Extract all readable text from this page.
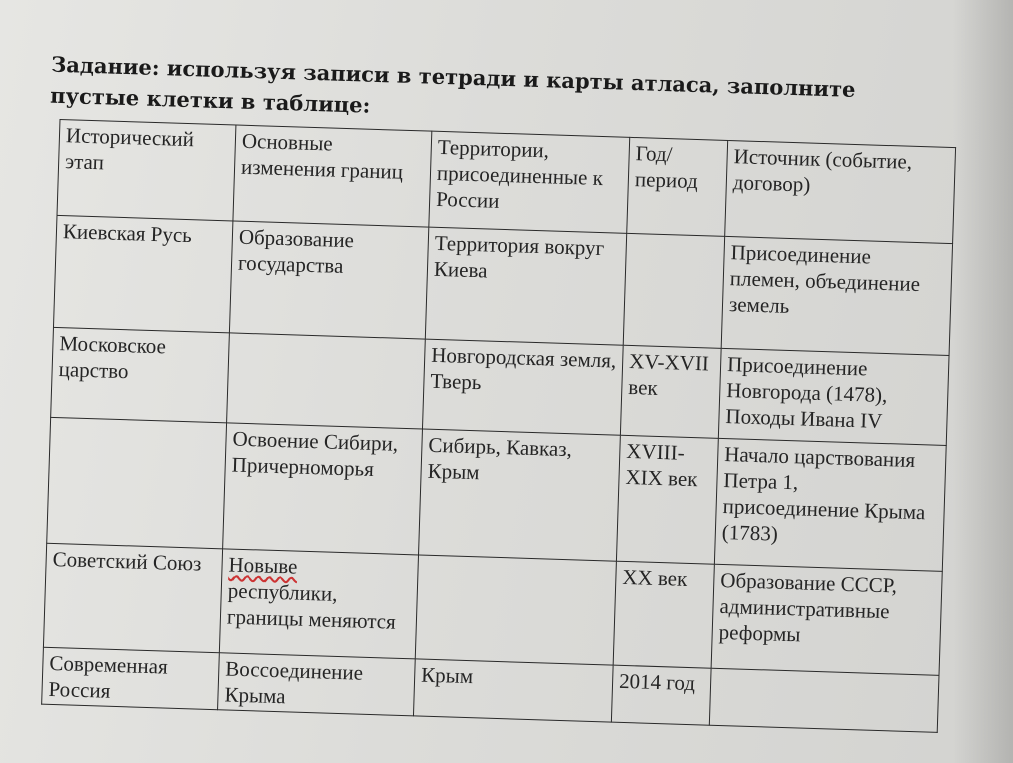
Задание: используя записи в тетради и карты атласа, заполните пустые клетки в таблице:

Исторический этап	Основные изменения границ	Территории, присоединенные к России	Год/ период	Источник (событие, договор)
Киевская Русь	Образование государства	Территория вокруг Киева		Присоединение племен, объединение земель
Московское царство		Новгородская земля, Тверь	XV-XVII век	Присоединение Новгорода (1478), Походы Ивана IV
	Освоение Сибири, Причерноморья	Сибирь, Кавказ, Крым	XVIII-XIX век	Начало царствования Петра 1, присоединение Крыма (1783)
Советский Союз	Новыве республики, границы меняются		XX век	Образование СССР, административные реформы
Современная Россия	Воссоединение Крыма	Крым	2014 год	
